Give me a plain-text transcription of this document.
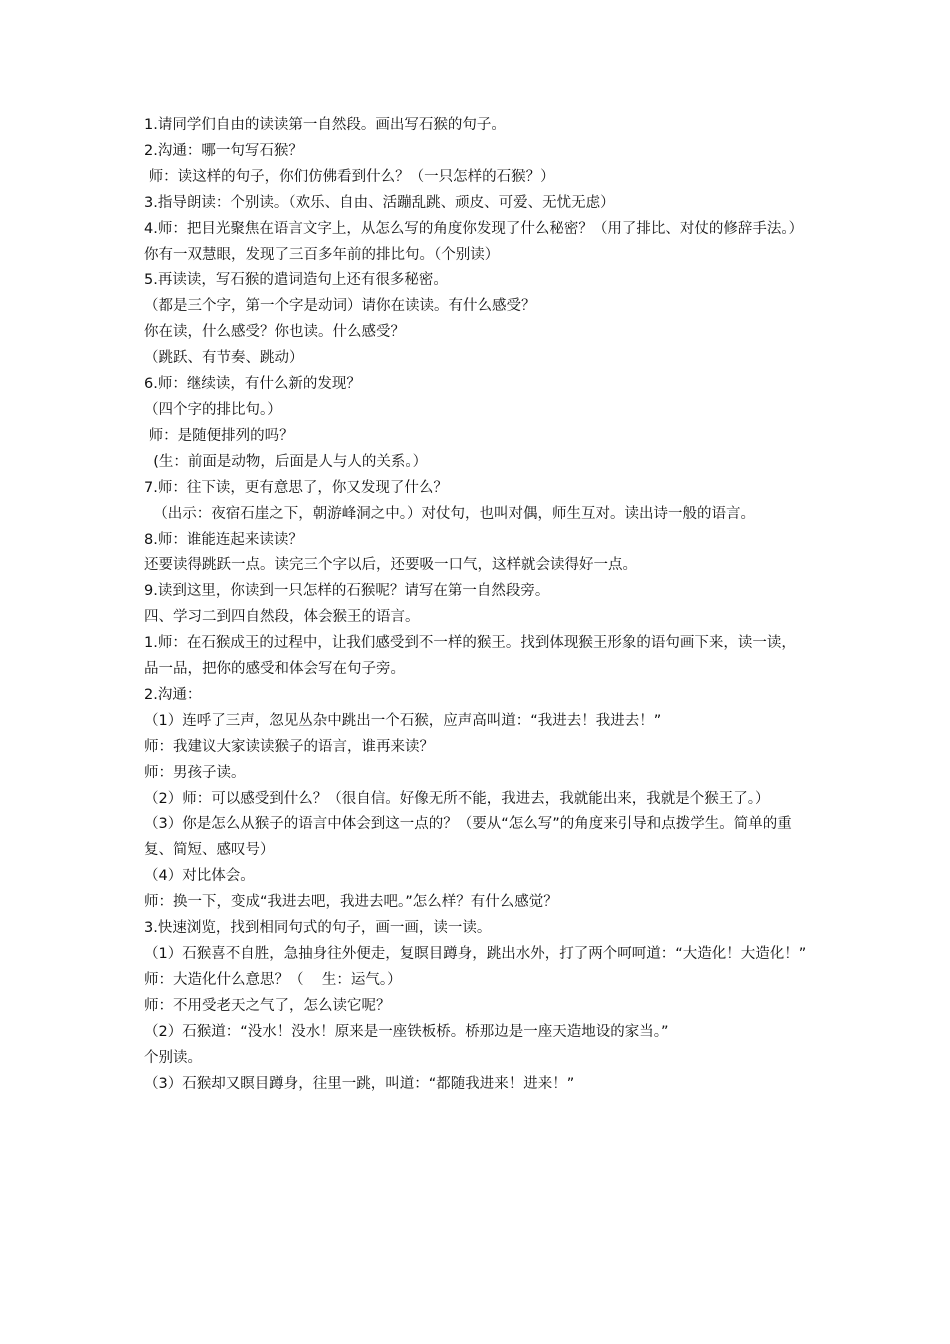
1.请同学们自由的读读第一自然段。画出写石猴的句子。

2.沟通：哪一句写石猴？

师：读这样的句子，你们仿佛看到什么？（一只怎样的石猴？）

3.指导朗读：个别读。（欢乐、自由、活蹦乱跳、顽皮、可爱、无忧无虑）

4.师：把目光聚焦在语言文字上，从怎么写的角度你发现了什么秘密？（用了排比、对仗的修辞手法。）

你有一双慧眼，发现了三百多年前的排比句。（个别读）

5.再读读，写石猴的遣词造句上还有很多秘密。

（都是三个字，第一个字是动词）请你在读读。有什么感受？

你在读，什么感受？你也读。什么感受？

（跳跃、有节奏、跳动）

6.师：继续读，有什么新的发现？

（四个字的排比句。）

师：是随便排列的吗？

(生：前面是动物，后面是人与人的关系。）

7.师：往下读，更有意思了，你又发现了什么？

（出示：夜宿石崖之下，朝游峰洞之中。）对仗句，也叫对偶，师生互对。读出诗一般的语言。

8.师：谁能连起来读读？

还要读得跳跃一点。读完三个字以后，还要吸一口气，这样就会读得好一点。

9.读到这里，你读到一只怎样的石猴呢？请写在第一自然段旁。

四、学习二到四自然段，体会猴王的语言。

1.师：在石猴成王的过程中，让我们感受到不一样的猴王。找到体现猴王形象的语句画下来，读一读，品一品，把你的感受和体会写在句子旁。

2.沟通：

（1）连呼了三声，忽见丛杂中跳出一个石猴，应声高叫道：“我进去！我进去！”

师：我建议大家读读猴子的语言，谁再来读？

师：男孩子读。

（2）师：可以感受到什么？（很自信。好像无所不能，我进去，我就能出来，我就是个猴王了。）

（3）你是怎么从猴子的语言中体会到这一点的？（要从“怎么写”的角度来引导和点拨学生。简单的重复、简短、感叹号）

（4）对比体会。

师：换一下，变成“我进去吧，我进去吧。”怎么样？有什么感觉？

3.快速浏览，找到相同句式的句子，画一画，读一读。

（1）石猴喜不自胜，急抽身往外便走，复瞑目蹲身，跳出水外，打了两个呵呵道：“大造化！大造化！”

师：大造化什么意思？（    生：运气。）

师：不用受老天之气了，怎么读它呢？

（2）石猴道：“没水！没水！原来是一座铁板桥。桥那边是一座天造地设的家当。”

个别读。

（3）石猴却又瞑目蹲身，往里一跳，叫道：“都随我进来！进来！”
